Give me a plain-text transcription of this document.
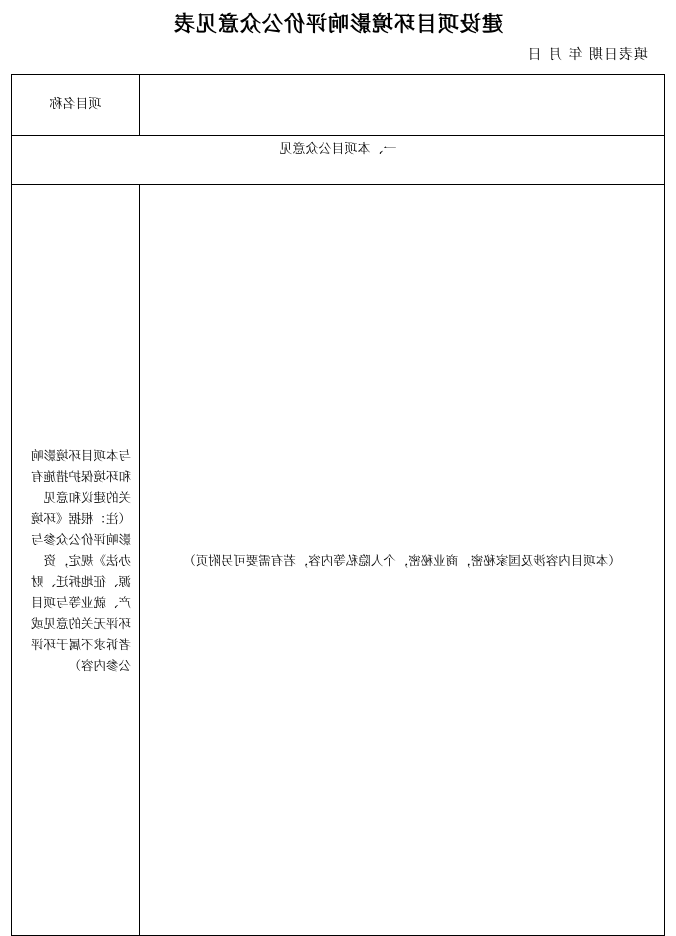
建设项目环境影响评价公众意见表
填表日期 年 月 日
	项目名称
一、本项目公众意见	

（本项目内容涉及国家秘密，商业秘密，个人隐私等内容，若有需要可另附页）	与本项目环境影响和环境保护措施有关的建议和意见（注：根据《环境影响评价公众参与办法》规定，资源、征地拆迁、财产、就业等与项目环评无关的意见或者诉求不属于环评公参内容）
